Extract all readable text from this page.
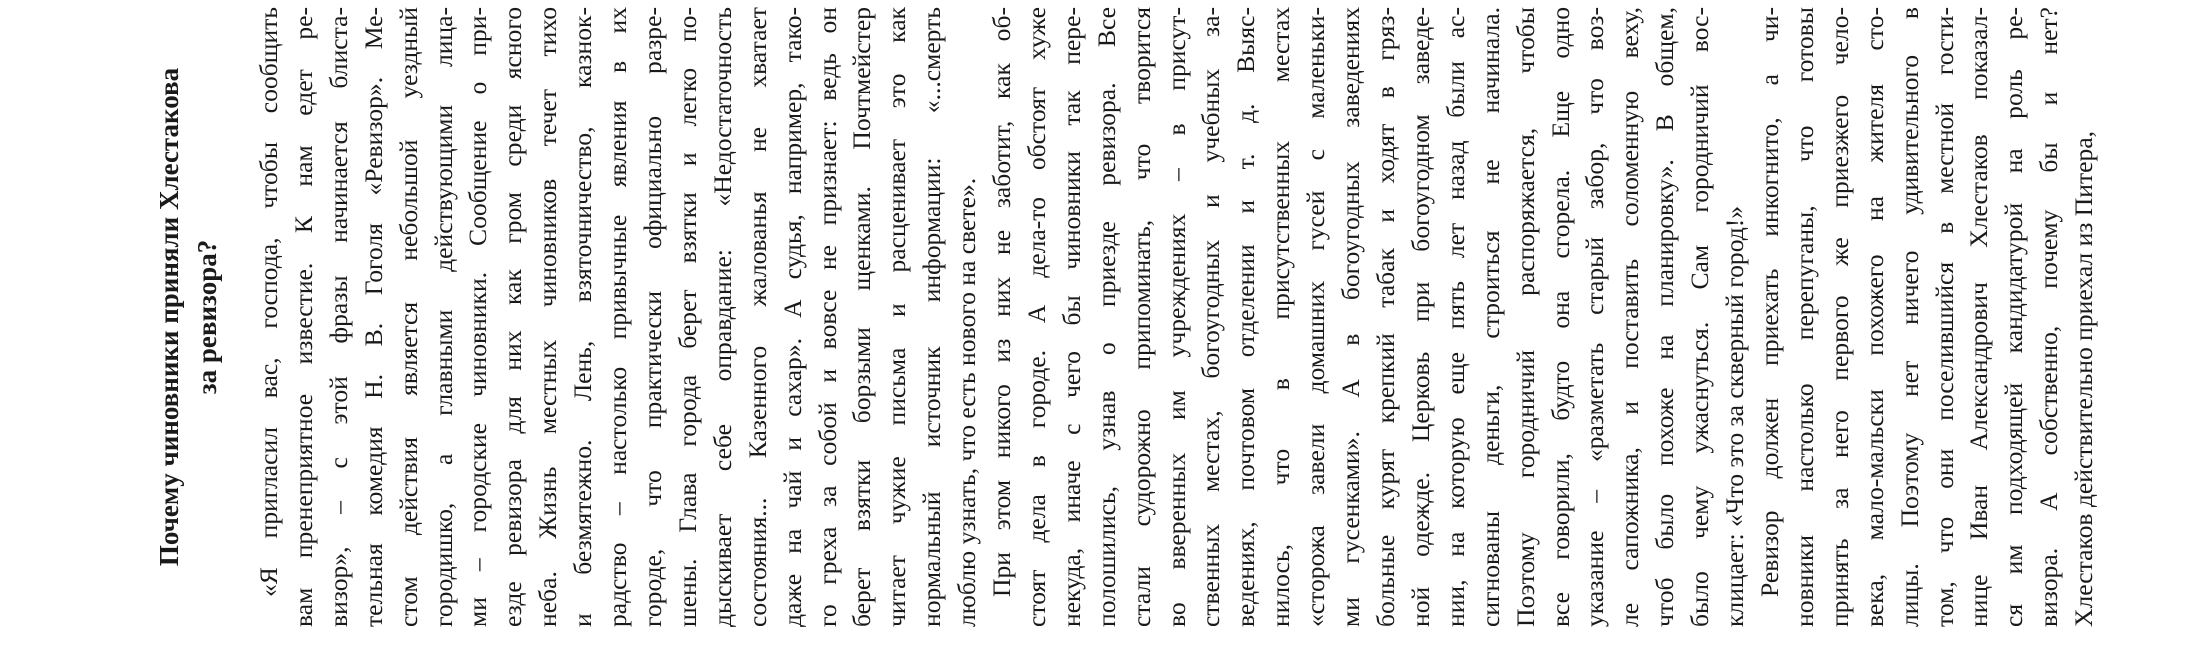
Почему чиновники приняли Хлестакова за ревизора? «Я пригласил вас, господа, чтобы сообщить вам пренеприятное известие. К нам едет ре- визор», – с этой фразы начинается блиста- тельная комедия Н. В. Гоголя «Ревизор». Ме- стом действия является небольшой уездный городишко, а главными действующими лица- ми – городские чиновники. Сообщение о при- езде ревизора для них как гром среди ясного неба. Жизнь местных чиновников течет тихо и безмятежно. Лень, взяточничество, казнок- радство – настолько привычные явления в их городе, что практически официально разре- шены. Глава города берет взятки и легко по- дыскивает себе оправдание: «Недостаточность состояния... Казенного жалованья не хватает даже на чай и сахар». А судья, например, тако- го греха за собой и вовсе не признает: ведь он берет взятки борзыми щенками. Почтмейстер читает чужие письма и расценивает это как нормальный источник информации: «...смерть люблю узнать, что есть нового на свете». При этом никого из них не заботит, как об- стоят дела в городе. А дела-то обстоят хуже некуда, иначе с чего бы чиновники так пере- полошились, узнав о приезде ревизора. Все стали судорожно припоминать, что творится во вверенных им учреждениях – в присут- ственных местах, богоугодных и учебных за- ведениях, почтовом отделении и т. д. Выяс- нилось, что в присутственных местах «сторожа завели домашних гусей с маленьки- ми гусенками». А в богоугодных заведениях больные курят крепкий табак и ходят в гряз- ной одежде. Церковь при богоугодном заведе- нии, на которую еще пять лет назад были ас- сигнованы деньги, строиться не начинала. Поэтому городничий распоряжается, чтобы все говорили, будто она сгорела. Еще одно указание – «разметать старый забор, что воз- ле сапожника, и поставить соломенную веху, чтоб было похоже на планировку». В общем, было чему ужаснуться. Сам городничий вос- клицает: «Что это за скверный город!» Ревизор должен приехать инкогнито, а чи- новники настолько перепуганы, что готовы принять за него первого же приезжего чело- века, мало-мальски похожего на жителя сто- лицы. Поэтому нет ничего удивительного в том, что они поселившийся в местной гости- нице Иван Александрович Хлестаков показал- ся им подходящей кандидатурой на роль ре- визора. А собственно, почему бы и нет? Хлестаков действительно приехал из Питера,
